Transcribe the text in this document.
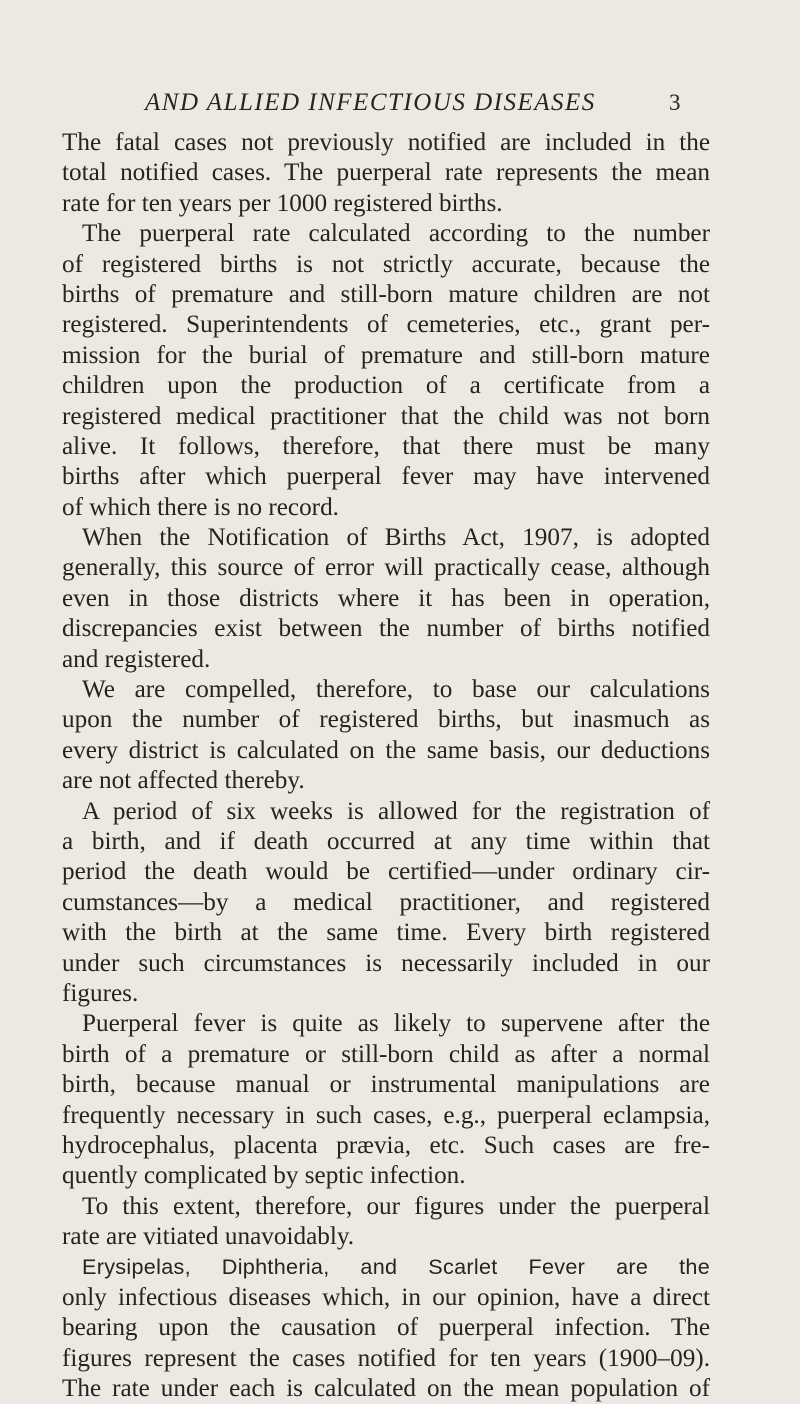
AND ALLIED INFECTIOUS DISEASES	3
The fatal cases not previously notified are included in the
total notified cases. The puerperal rate represents the mean
rate for ten years per 1000 registered births.
The puerperal rate calculated according to the number
of registered births is not strictly accurate, because the
births of premature and still-born mature children are not
registered. Superintendents of cemeteries, etc., grant per-
mission for the burial of premature and still-born mature
children upon the production of a certificate from a
registered medical practitioner that the child was not born
alive. It follows, therefore, that there must be many
births after which puerperal fever may have intervened
of which there is no record.
When the Notification of Births Act, 1907, is adopted
generally, this source of error will practically cease, although
even in those districts where it has been in operation,
discrepancies exist between the number of births notified
and registered.
We are compelled, therefore, to base our calculations
upon the number of registered births, but inasmuch as
every district is calculated on the same basis, our deductions
are not affected thereby.
A period of six weeks is allowed for the registration of
a birth, and if death occurred at any time within that
period the death would be certified—under ordinary cir-
cumstances—by a medical practitioner, and registered
with the birth at the same time. Every birth registered
under such circumstances is necessarily included in our
figures.
Puerperal fever is quite as likely to supervene after the
birth of a premature or still-born child as after a normal
birth, because manual or instrumental manipulations are
frequently necessary in such cases, e.g., puerperal eclampsia,
hydrocephalus, placenta prævia, etc. Such cases are fre-
quently complicated by septic infection.
To this extent, therefore, our figures under the puerperal
rate are vitiated unavoidably.
Erysipelas, Diphtheria, and Scarlet Fever are the
only infectious diseases which, in our opinion, have a direct
bearing upon the causation of puerperal infection. The
figures represent the cases notified for ten years (1900–09).
The rate under each is calculated on the mean population of
